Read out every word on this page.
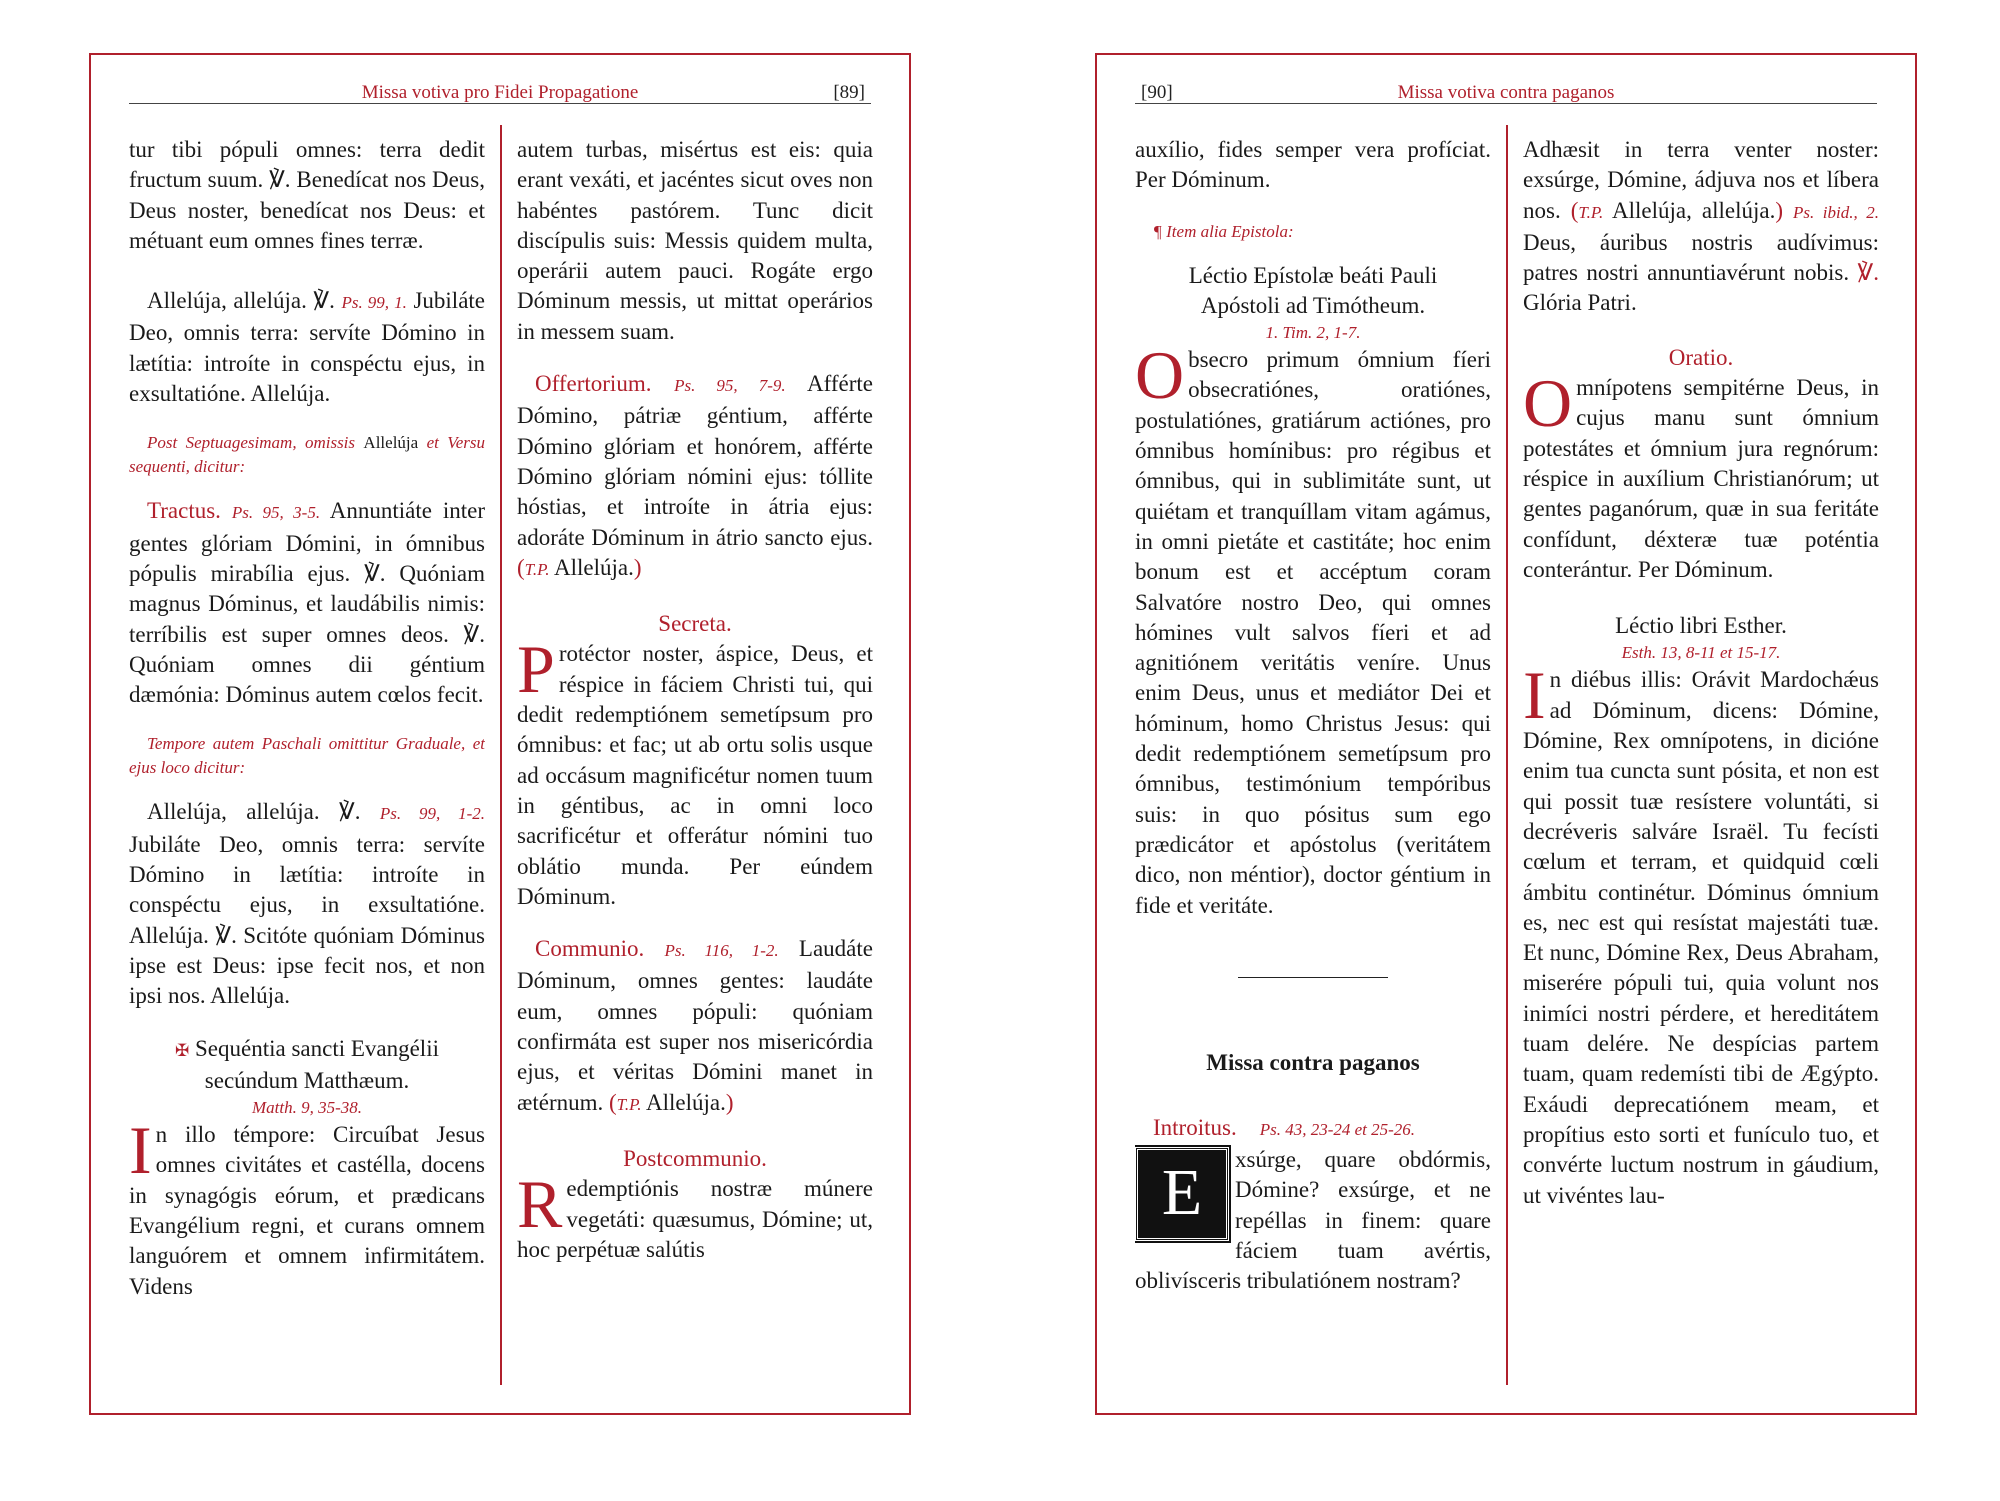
Missa votiva pro Fidei Propagatione	[89]

tur tibi pópuli omnes: terra dedit fructum suum. ℣. Benedícat nos Deus, Deus noster, benedícat nos Deus: et métuant eum omnes fines terræ.

Allelúja, allelúja. ℣. Ps. 99, 1. Jubiláte Deo, omnis terra: servíte Dómino in lætítia: introíte in conspéctu ejus, in exsultatióne. Allelúja.

Post Septuagesimam, omissis Allelúja et Versu sequenti, dicitur:

Tractus. Ps. 95, 3-5. Annuntiáte inter gentes glóriam Dómini, in ómnibus pópulis mirabília ejus. ℣. Quóniam magnus Dóminus, et laudábilis nimis: terríbilis est super omnes deos. ℣. Quóniam omnes dii géntium dæmónia: Dóminus autem cœlos fecit.

Tempore autem Paschali omittitur Graduale, et ejus loco dicitur:

Allelúja, allelúja. ℣. Ps. 99, 1-2. Jubiláte Deo, omnis terra: servíte Dómino in lætítia: introíte in conspéctu ejus, in exsultatióne. Allelúja. ℣. Scitóte quóniam Dóminus ipse est Deus: ipse fecit nos, et non ipsi nos. Allelúja.

✠ Sequéntia sancti Evangélii
secúndum Matthæum.
Matth. 9, 35-38.

In illo témpore: Circuíbat Jesus omnes civitátes et castélla, docens in synagógis eórum, et prædicans Evangélium regni, et curans omnem languórem et omnem infirmitátem. Videns

autem turbas, misértus est eis: quia erant vexáti, et jacéntes sicut oves non habéntes pastórem. Tunc dicit discípulis suis: Messis quidem multa, operárii autem pauci. Rogáte ergo Dóminum messis, ut mittat operários in messem suam.

Offertorium. Ps. 95, 7-9. Afférte Dómino, pátriæ géntium, afférte Dómino glóriam et honórem, afférte Dómino glóriam nómini ejus: tóllite hóstias, et introíte in átria ejus: adoráte Dóminum in átrio sancto ejus. (T.P. Allelúja.)

Secreta.

Protéctor noster, áspice, Deus, et réspice in fáciem Christi tui, qui dedit redemptiónem semetípsum pro ómnibus: et fac; ut ab ortu solis usque ad occásum magnificétur nomen tuum in géntibus, ac in omni loco sacrificétur et offerátur nómini tuo oblátio munda. Per eúndem Dóminum.

Communio. Ps. 116, 1-2. Laudáte Dóminum, omnes gentes: laudáte eum, omnes pópuli: quóniam confirmáta est super nos misericórdia ejus, et véritas Dómini manet in ætérnum. (T.P. Allelúja.)

Postcommunio.

Redemptiónis nostræ múnere vegetáti: quæsumus, Dómine; ut, hoc perpétuæ salútis

Missa votiva contra paganos
[90]

auxílio, fides semper vera profíciat. Per Dóminum.

¶ Item alia Epistola:

Léctio Epístolæ beáti Pauli
Apóstoli ad Timótheum.
1. Tim. 2, 1-7.

Obsecro primum ómnium fíeri obsecratiónes, oratiónes, postulatiónes, gratiárum actiónes, pro ómnibus homínibus: pro régibus et ómnibus, qui in sublimitáte sunt, ut quiétam et tranquíllam vitam agámus, in omni pietáte et castitáte; hoc enim bonum est et accéptum coram Salvatóre nostro Deo, qui omnes hómines vult salvos fíeri et ad agnitiónem veritátis veníre. Unus enim Deus, unus et mediátor Dei et hóminum, homo Christus Jesus: qui dedit redemptiónem semetípsum pro ómnibus, testimónium tempóribus suis: in quo pósitus sum ego prædicátor et apóstolus (veritátem dico, non méntior), doctor géntium in fide et veritáte.

Missa contra paganos
Introitus. Ps. 43, 23-24 et 25-26.

E	xsúrge, quare obdórmis, Dómine? exsúrge, et ne repéllas in finem: quare fáciem tuam avértis, oblivísceris tribulatiónem nostram?

Adhæsit in terra venter noster: exsúrge, Dómine, ádjuva nos et líbera nos. (T.P. Allelúja, allelúja.) Ps. ibid., 2. Deus, áuribus nostris audívimus: patres nostri annuntiavérunt nobis. ℣. Glória Patri.

Oratio.

Omnípotens sempitérne Deus, in cujus manu sunt ómnium potestátes et ómnium jura regnórum: réspice in auxílium Christianórum; ut gentes paganórum, quæ in sua feritáte confídunt, déxteræ tuæ poténtia conterántur. Per Dóminum.

Léctio libri Esther.
Esth. 13, 8-11 et 15-17.

In diébus illis: Orávit Mardochǽus ad Dóminum, dicens: Dómine, Dómine, Rex omnípotens, in dicióne enim tua cuncta sunt pósita, et non est qui possit tuæ resístere voluntáti, si decréveris salváre Israël. Tu fecísti cœlum et terram, et quidquid cœli ámbitu continétur. Dóminus ómnium es, nec est qui resístat majestáti tuæ. Et nunc, Dómine Rex, Deus Abraham, miserére pópuli tui, quia volunt nos inimíci nostri pérdere, et hereditátem tuam delére. Ne despícias partem tuam, quam redemísti tibi de Ægýpto. Exáudi deprecatiónem meam, et propítius esto sorti et funículo tuo, et convérte luctum nostrum in gáudium, ut vivéntes lau-
